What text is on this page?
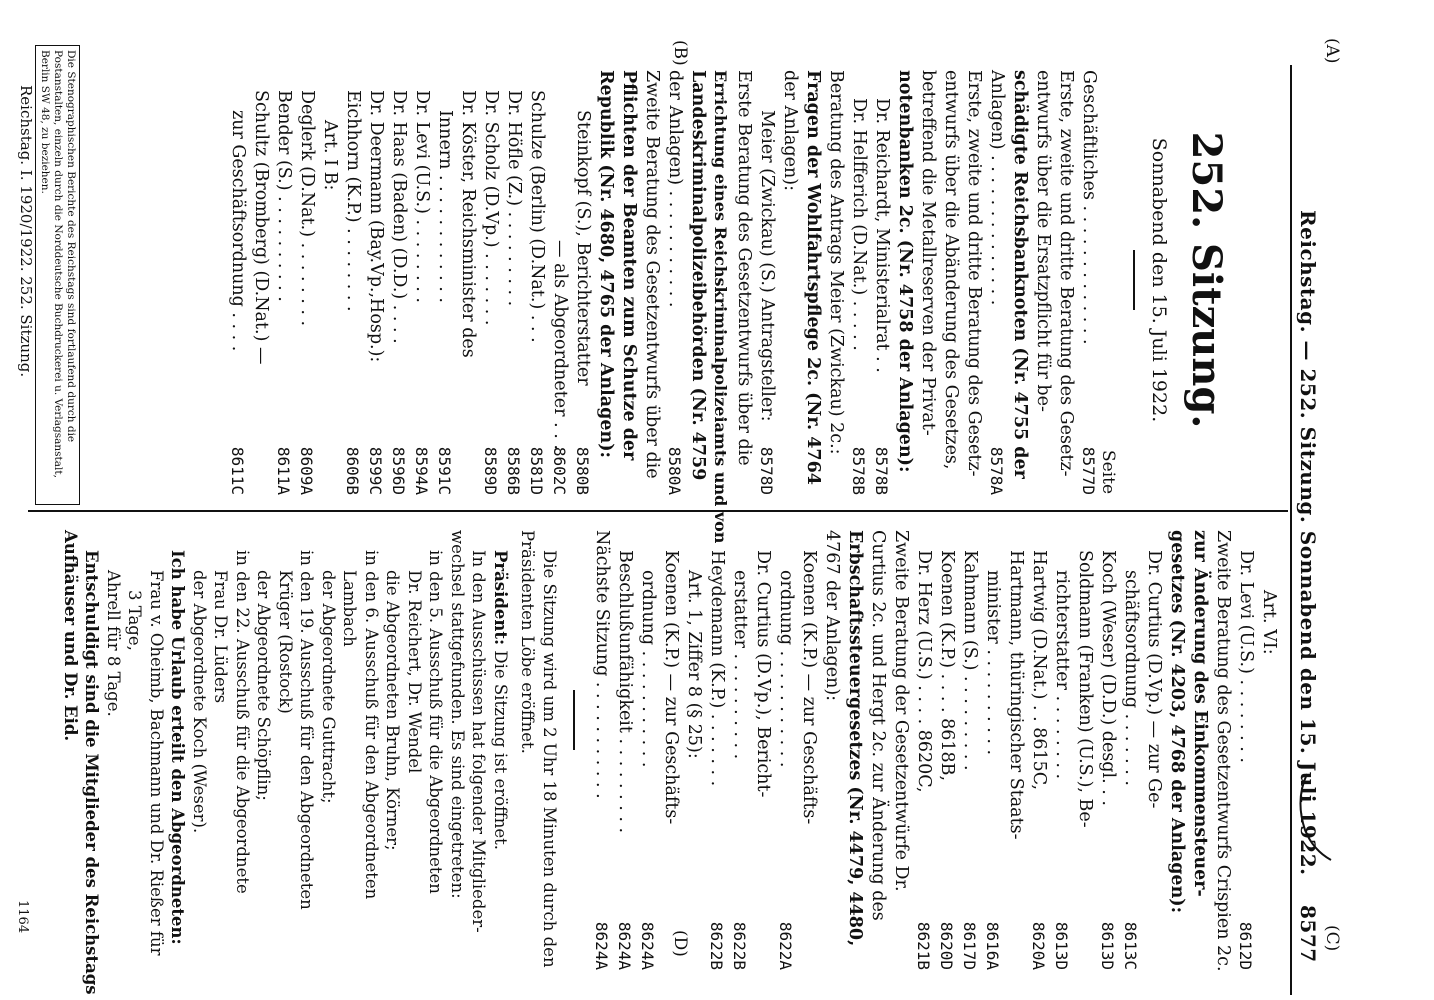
(A)
(C)
Reichstag. — 252. Sitzung. Sonnabend den 15. Juli 1922.
8577
(B)
(D)
252. Sitzung.
Sonnabend den 15. Juli 1922.
Seite
Geschäftliches . . . . . . . . . . . . .
8577D
Erste, zweite und dritte Beratung des Gesetz-
entwurfs über die Ersatzpflicht für be-
schädigte Reichsbanknoten (Nr. 4755 der
Anlagen) . . . . . . . . . . . . . .
8578A
Erste, zweite und dritte Beratung des Gesetz-
entwurfs über die Abänderung des Gesetzes,
betreffend die Metallreserven der Privat-
notenbanken 2c. (Nr. 4758 der Anlagen):
Dr. Reichardt, Ministerialrat . .
8578B
Dr. Helfferich (D.Nat.) . . . . .
8578B
Beratung des Antrags Meier (Zwickau) 2c.:
Fragen der Wohlfahrtspflege 2c. (Nr. 4764
der Anlagen):
Meier (Zwickau) (S.) Antragsteller:
8578D
Erste Beratung des Gesetzentwurfs über die
Errichtung eines Reichskriminalpolizeiamts und von
Landeskriminalpolizeibehörden (Nr. 4759
der Anlagen) . . . . . . . . . . .
8580A
Zweite Beratung des Gesetzentwurfs über die
Pflichten der Beamten zum Schutze der
Republik (Nr. 4680, 4765 der Anlagen):
Steinkopf (S.), Berichterstatter
8580B
— als Abgeordneter . . .
8602C
Schulze (Berlin) (D.Nat.) . . .
8581D
Dr. Höfle (Z.) . . . . . . . . .
8586B
Dr. Scholz (D.Vp.) . . . . . . .
8589D
Dr. Köster, Reichsminister des
Innern . . . . . . . . . . . .
8591C
Dr. Levi (U.S.) . . . . . . . .
8594A
Dr. Haas (Baden) (D.D.) . . . .
8596D
Dr. Deermann (Bay.Vp.,Hosp.):
8599C
Eichhorn (K.P.) . . . . . . . .
8606B
Art. I B:
Deglerk (D.Nat.) . . . . . . . .
8609A
Bender (S.) . . . . . . . . . .
8611A
Schultz (Bromberg) (D.Nat.) —
zur Geschäftsordnung . . . .
8611C
Die Stenographischen Berichte des Reichstags sind fortlaufend durch die Postanstalten, einzeln durch die Norddeutsche Buchdruckerei u. Verlagsanstalt, Berlin SW 48, zu beziehen.
Reichstag. I. 1920/1922. 252. Sitzung.
Art. VI:
Dr. Levi (U.S.) . . . . . . . .
8612D
Zweite Beratung des Gesetzentwurfs Crispien 2c.
zur Änderung des Einkommensteuer-
gesetzes (Nr. 4203, 4768 der Anlagen):
Dr. Curtius (D.Vp.) — zur Ge-
schäftsordnung . . . . . . .
8613C
Koch (Weser) (D.D.) desgl. . .
8613D
Soldmann (Franken) (U.S.), Be-
richterstatter . . . . . . . .
8613D
Hartwig (D.Nat.) . . 8615C,
8620A
Hartmann, thüringischer Staats-
minister . . . . . . . . . .
8616A
Kahmann (S.) . . . . . . . . .
8617D
Koenen (K.P.) . . . . 8618B,
8620D
Dr. Herz (U.S.) . . . . 8620C,
8621B
Zweite Beratung der Gesetzentwürfe Dr.
Curtius 2c. und Hergt 2c. zur Änderung des
Erbschaftssteuergesetzes (Nr. 4479, 4480,
4767 der Anlagen):
Koenen (K.P.) — zur Geschäfts-
ordnung . . . . . . . . . . .
8622A
Dr. Curtius (D.Vp.), Bericht-
erstatter . . . . . . . . . .
8622B
Heydemann (K.P.) . . . . . . .
8622B
Art. 1, Ziffer 8 (§ 25):
Koenen (K.P.) — zur Geschäfts-
ordnung . . . . . . . . . . .
8624A
Beschlußunfähigkeit . . . . . . . . .
8624A
Nächste Sitzung . . . . . . . . . . .
8624A
Die Sitzung wird um 2 Uhr 18 Minuten durch den
Präsidenten Löbe eröffnet.
Präsident: Die Sitzung ist eröffnet.
In den Ausschüssen hat folgender Mitglieder-
wechsel stattgefunden. Es sind eingetreten:
in den 5. Ausschuß für die Abgeordneten
Dr. Reichert, Dr. Wendel
die Abgeordneten Bruhn, Körner;
in den 6. Ausschuß für den Abgeordneten
Lambach
der Abgeordnete Guttracht;
in den 19. Ausschuß für den Abgeordneten
Krüger (Rostock)
der Abgeordnete Schöpflin;
in den 22. Ausschuß für die Abgeordnete
Frau Dr. Lüders
der Abgeordnete Koch (Weser).
Ich habe Urlaub erteilt den Abgeordneten:
Frau v. Oheimb, Bachmann und Dr. Rießer für
3 Tage,
Ahrell für 8 Tage.
Entschuldigt sind die Mitglieder des Reichstags
Aufhäuser und Dr. Eid.
1164
